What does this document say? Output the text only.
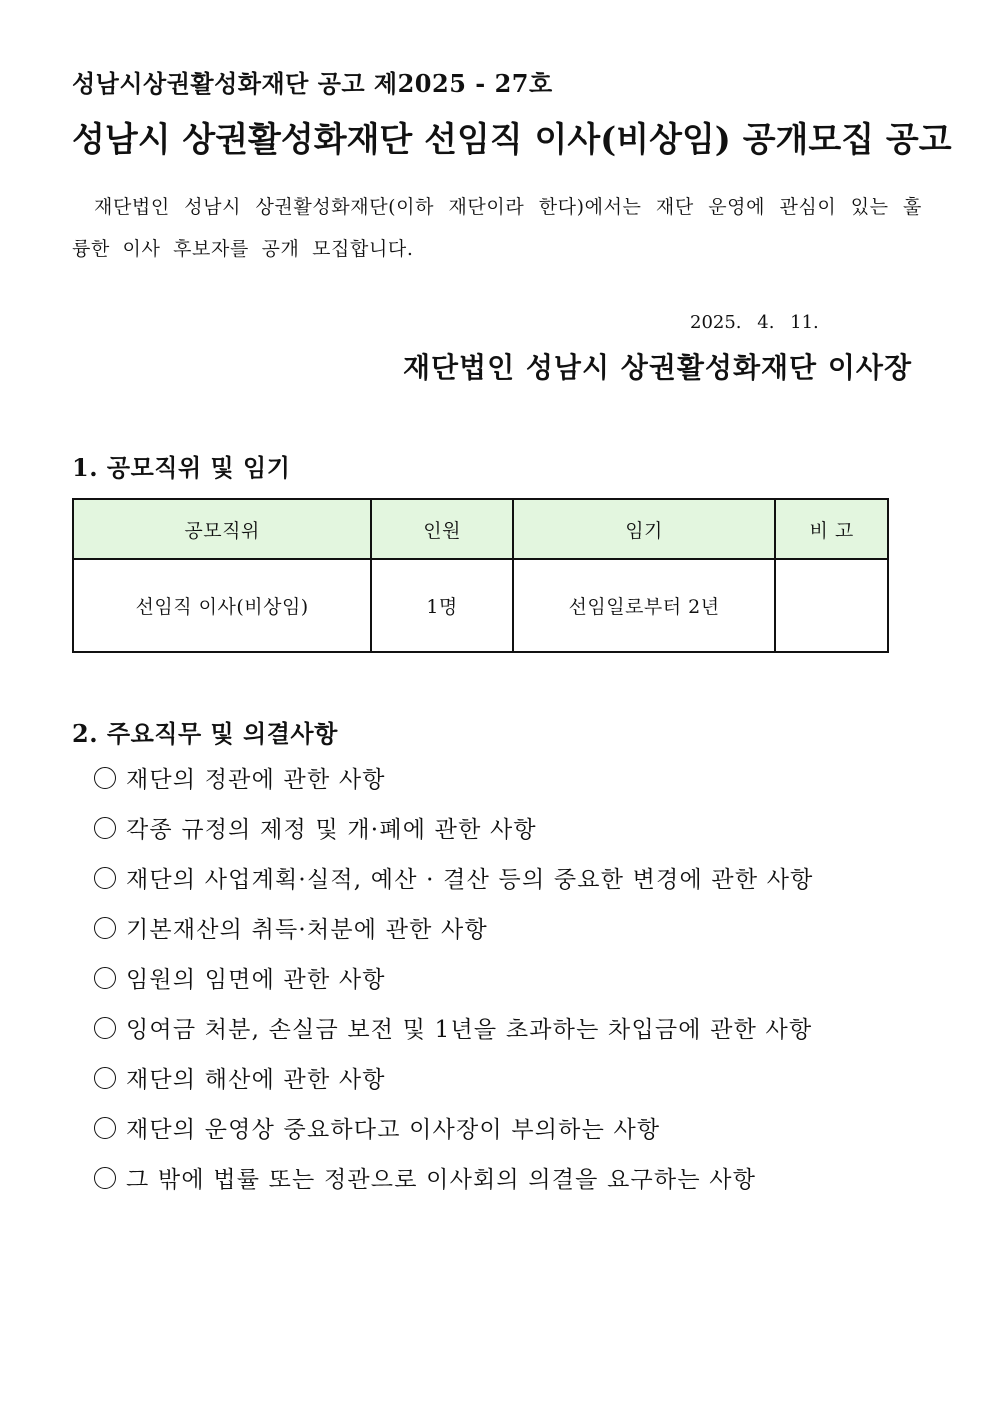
성남시상권활성화재단 공고 제2025 - 27호
성남시 상권활성화재단 선임직 이사(비상임) 공개모집 공고
재단법인 성남시 상권활성화재단(이하 재단이라 한다)에서는 재단 운영에 관심이 있는 훌륭한 이사 후보자를 공개 모집합니다.
2025. 4. 11.
재단법인 성남시 상권활성화재단 이사장
1. 공모직위 및 임기
공모직위	인원	임기	비 고
선임직 이사(비상임)	1명	선임일로부터 2년	
2. 주요직무 및 의결사항
재단의 정관에 관한 사항
각종 규정의 제정 및 개·폐에 관한 사항
재단의 사업계획·실적, 예산 · 결산 등의 중요한 변경에 관한 사항
기본재산의 취득·처분에 관한 사항
임원의 임면에 관한 사항
잉여금 처분, 손실금 보전 및 1년을 초과하는 차입금에 관한 사항
재단의 해산에 관한 사항
재단의 운영상 중요하다고 이사장이 부의하는 사항
그 밖에 법률 또는 정관으로 이사회의 의결을 요구하는 사항
